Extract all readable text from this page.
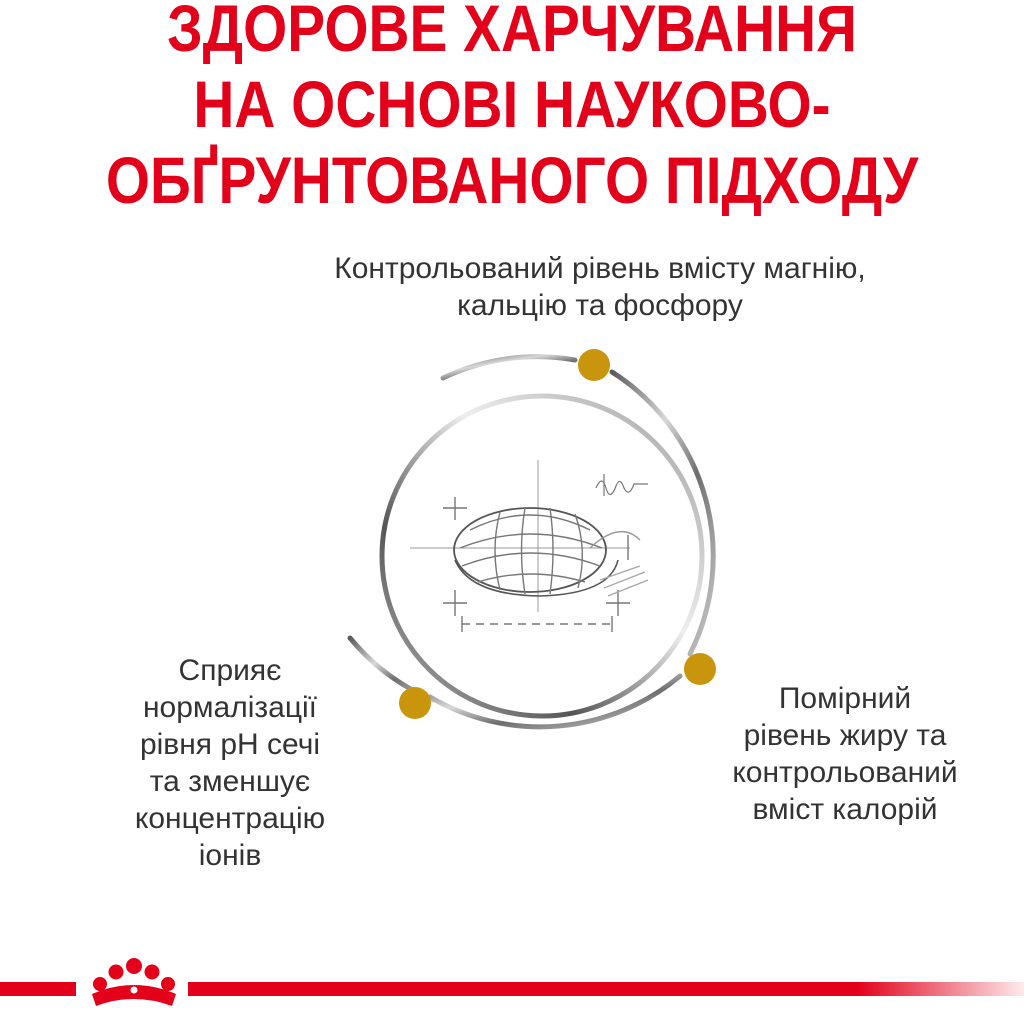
ЗДОРОВЕ ХАРЧУВАННЯ
НА ОСНОВІ НАУКОВО-
ОБҐРУНТОВАНОГО ПІДХОДУ
Контрольований рівень вмісту магнію,
кальцію та фосфору
Сприяє
нормалізації
рівня pH сечі
та зменшує
концентрацію
іонів
Помірний
рівень жиру та
контрольований
вміст калорій
